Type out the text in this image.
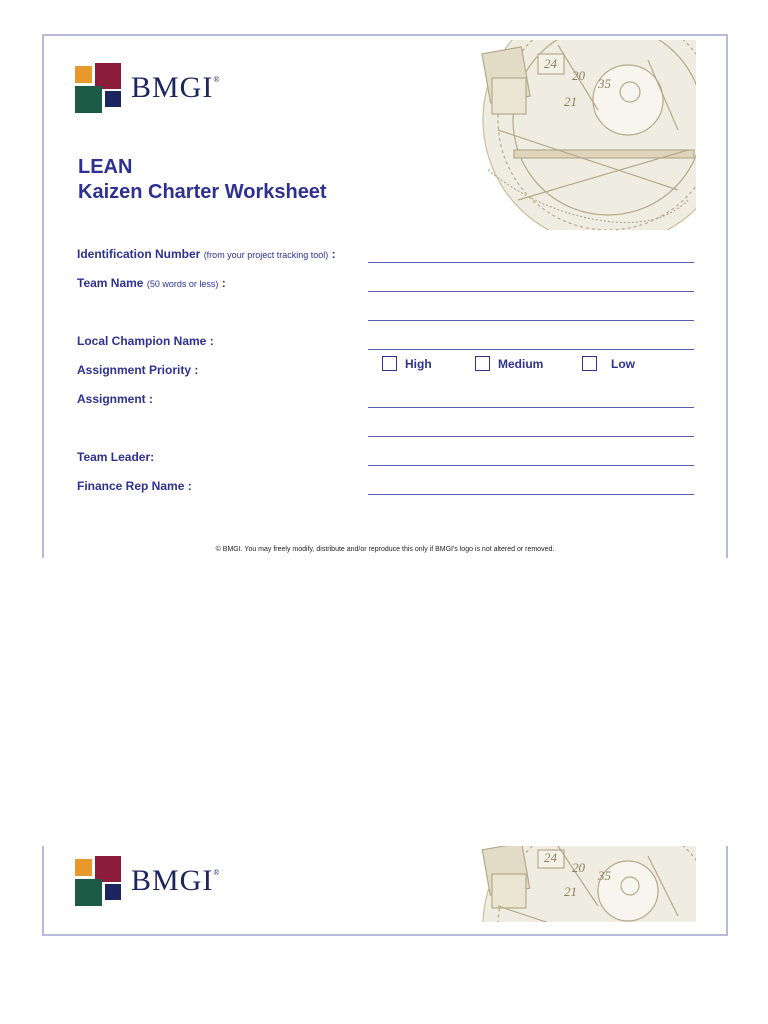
BMGI®
24
20
35
21
LEAN
Kaizen Charter Worksheet
Identification Number (from your project tracking tool) :
Team Name (50 words or less) :
Local Champion Name :
Assignment Priority :	High	Medium	Low
Assignment :
Team Leader:
Finance Rep Name :
© BMGI. You may freely modify, distribute and/or reproduce this only if BMGI's logo is not altered or removed.
BMGI®
24
20
35
21
